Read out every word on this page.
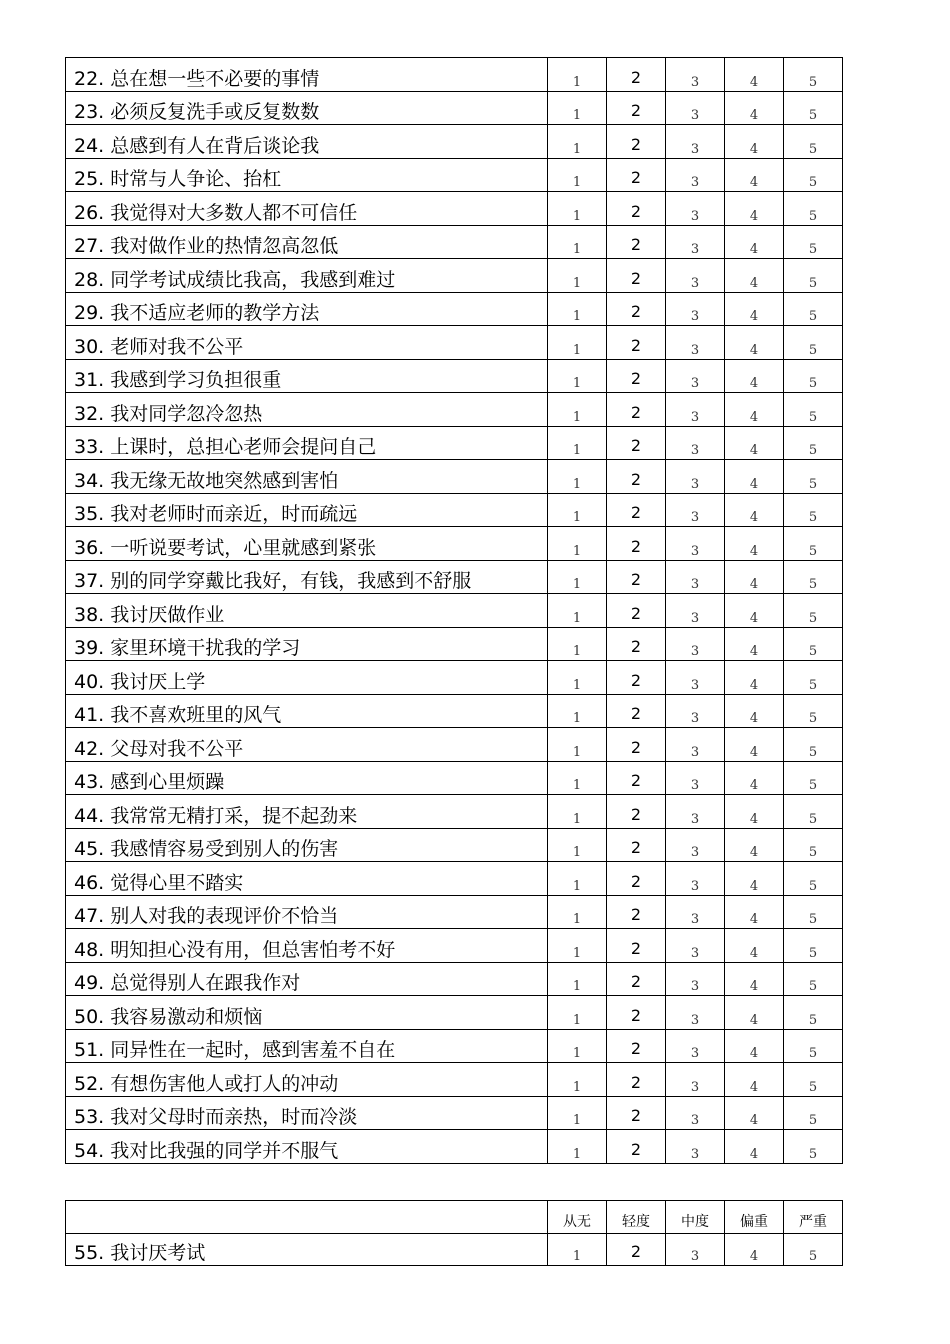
22. 总在想一些不必要的事情	1	2	3	4	5
23. 必须反复洗手或反复数数	1	2	3	4	5
24. 总感到有人在背后谈论我	1	2	3	4	5
25. 时常与人争论、抬杠	1	2	3	4	5
26. 我觉得对大多数人都不可信任	1	2	3	4	5
27. 我对做作业的热情忽高忽低	1	2	3	4	5
28. 同学考试成绩比我高，我感到难过	1	2	3	4	5
29. 我不适应老师的教学方法	1	2	3	4	5
30. 老师对我不公平	1	2	3	4	5
31. 我感到学习负担很重	1	2	3	4	5
32. 我对同学忽冷忽热	1	2	3	4	5
33. 上课时，总担心老师会提问自己	1	2	3	4	5
34. 我无缘无故地突然感到害怕	1	2	3	4	5
35. 我对老师时而亲近，时而疏远	1	2	3	4	5
36. 一听说要考试，心里就感到紧张	1	2	3	4	5
37. 别的同学穿戴比我好，有钱，我感到不舒服	1	2	3	4	5
38. 我讨厌做作业	1	2	3	4	5
39. 家里环境干扰我的学习	1	2	3	4	5
40. 我讨厌上学	1	2	3	4	5
41. 我不喜欢班里的风气	1	2	3	4	5
42. 父母对我不公平	1	2	3	4	5
43. 感到心里烦躁	1	2	3	4	5
44. 我常常无精打采，提不起劲来	1	2	3	4	5
45. 我感情容易受到别人的伤害	1	2	3	4	5
46. 觉得心里不踏实	1	2	3	4	5
47. 别人对我的表现评价不恰当	1	2	3	4	5
48. 明知担心没有用，但总害怕考不好	1	2	3	4	5
49. 总觉得别人在跟我作对	1	2	3	4	5
50. 我容易激动和烦恼	1	2	3	4	5
51. 同异性在一起时，感到害羞不自在	1	2	3	4	5
52. 有想伤害他人或打人的冲动	1	2	3	4	5
53. 我对父母时而亲热，时而冷淡	1	2	3	4	5
54. 我对比我强的同学并不服气	1	2	3	4	5
	从无	轻度	中度	偏重	严重
55. 我讨厌考试	1	2	3	4	5
